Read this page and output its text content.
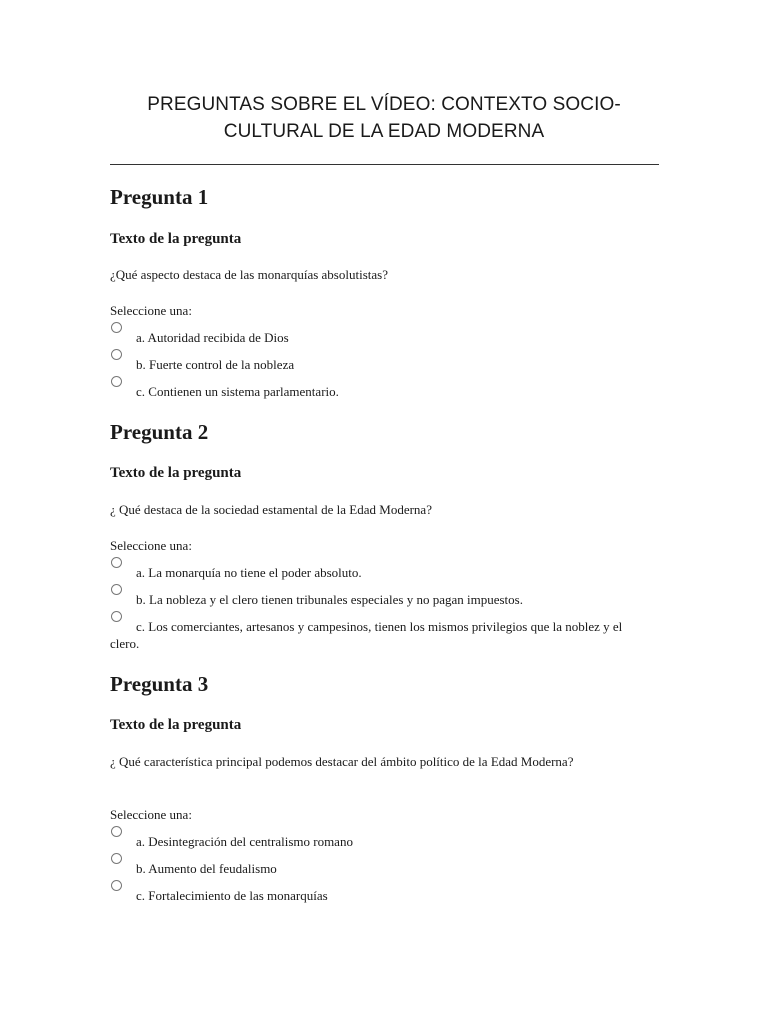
PREGUNTAS SOBRE EL VÍDEO: CONTEXTO SOCIO-CULTURAL DE LA EDAD MODERNA
Pregunta 1
Texto de la pregunta

¿Qué aspecto destaca de las monarquías absolutistas?

Seleccione una:

a. Autoridad recibida de Dios
b. Fuerte control de la nobleza
c. Contienen un sistema parlamentario.
Pregunta 2
Texto de la pregunta

¿ Qué destaca de la sociedad estamental de la Edad Moderna?

Seleccione una:

a. La monarquía no tiene el poder absoluto.
b. La nobleza y el clero tienen tribunales especiales y no pagan impuestos.
c. Los comerciantes, artesanos y campesinos, tienen los mismos privilegios que la noblez y el clero.
Pregunta 3
Texto de la pregunta

¿ Qué característica principal podemos destacar del ámbito político de la Edad Moderna?

Seleccione una:

a. Desintegración del centralismo romano
b. Aumento del feudalismo
c. Fortalecimiento de las monarquías
